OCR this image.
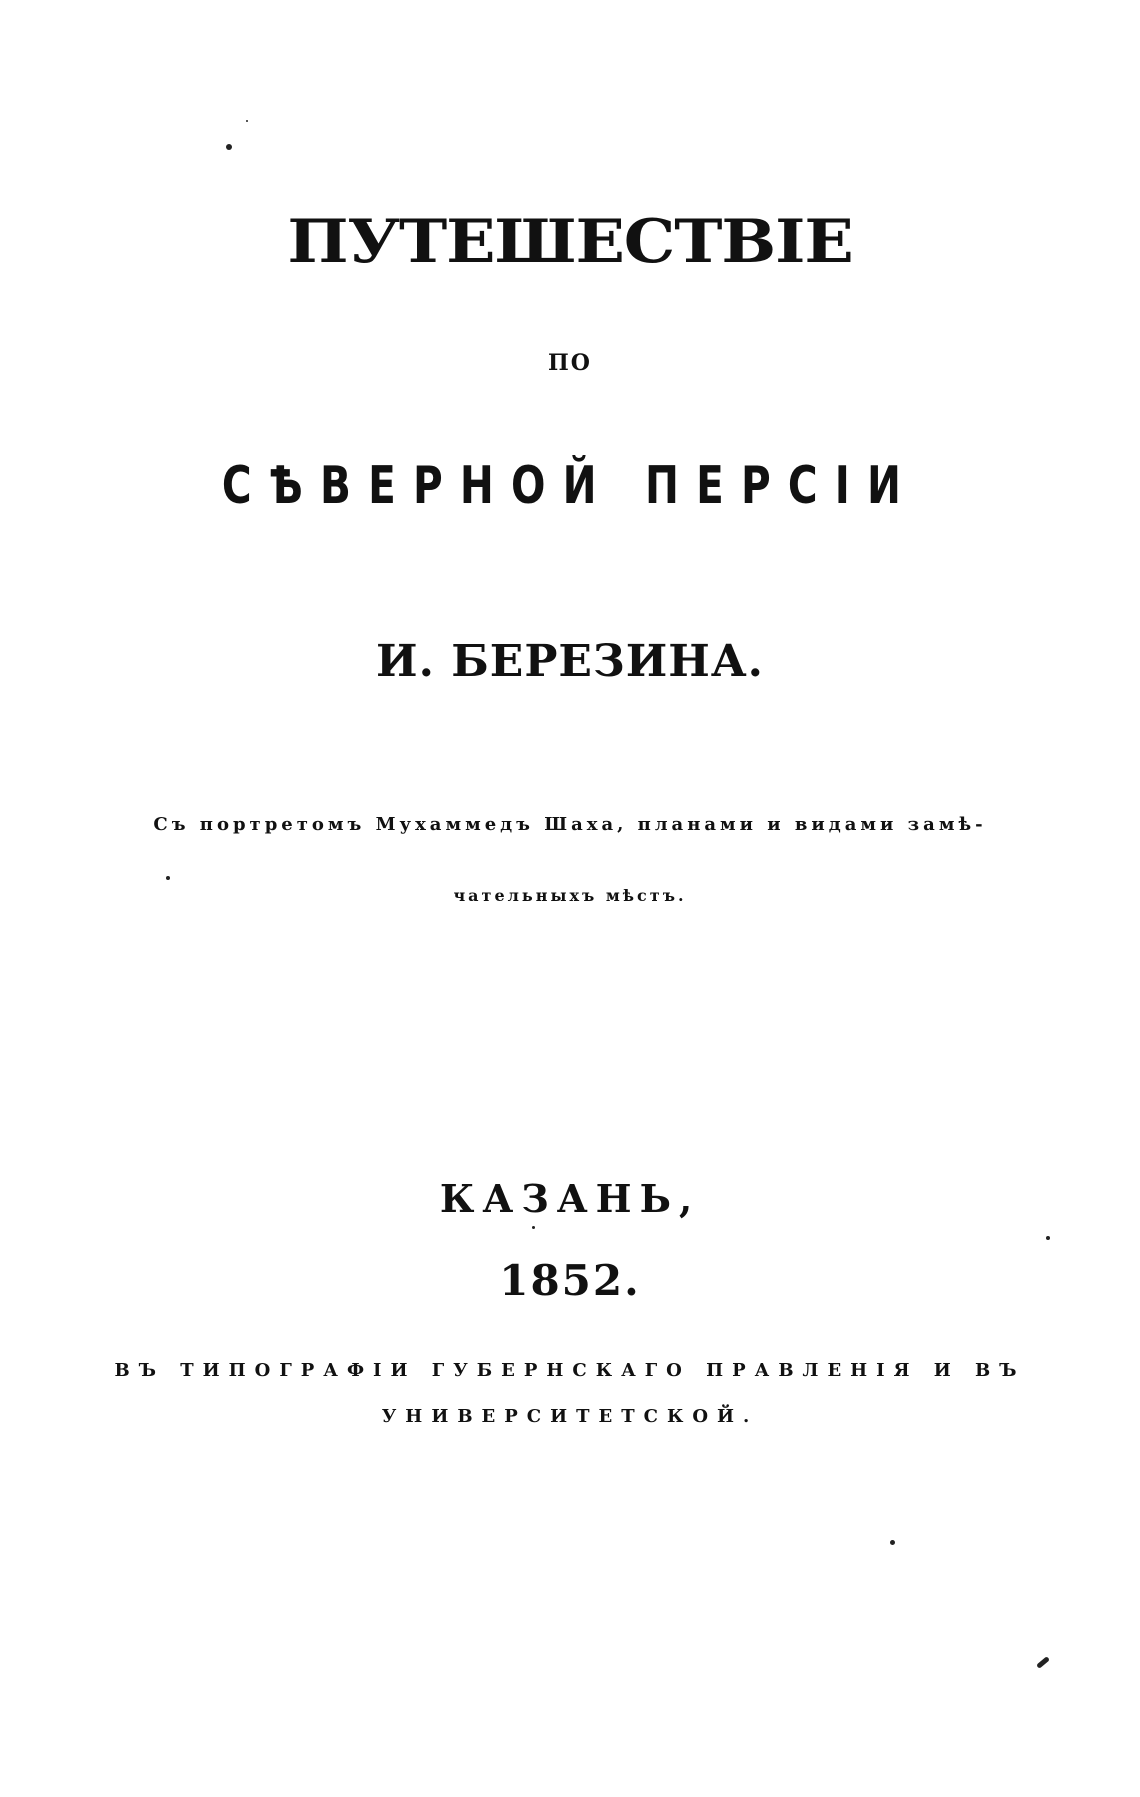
ПУТЕШЕСТВІЕ
ПО
СѢВЕРНОЙ ПЕРСІИ
И. БЕРЕЗИНА.
Съ портретомъ Мухаммедъ Шаха, планами и видами замѣ-
чательныхъ мѣстъ.
КАЗАНЬ,
1852.
ВЪ ТИПОГРАФІИ ГУБЕРНСКАГО ПРАВЛЕНІЯ И ВЪ
УНИВЕРСИТЕТСКОЙ.
